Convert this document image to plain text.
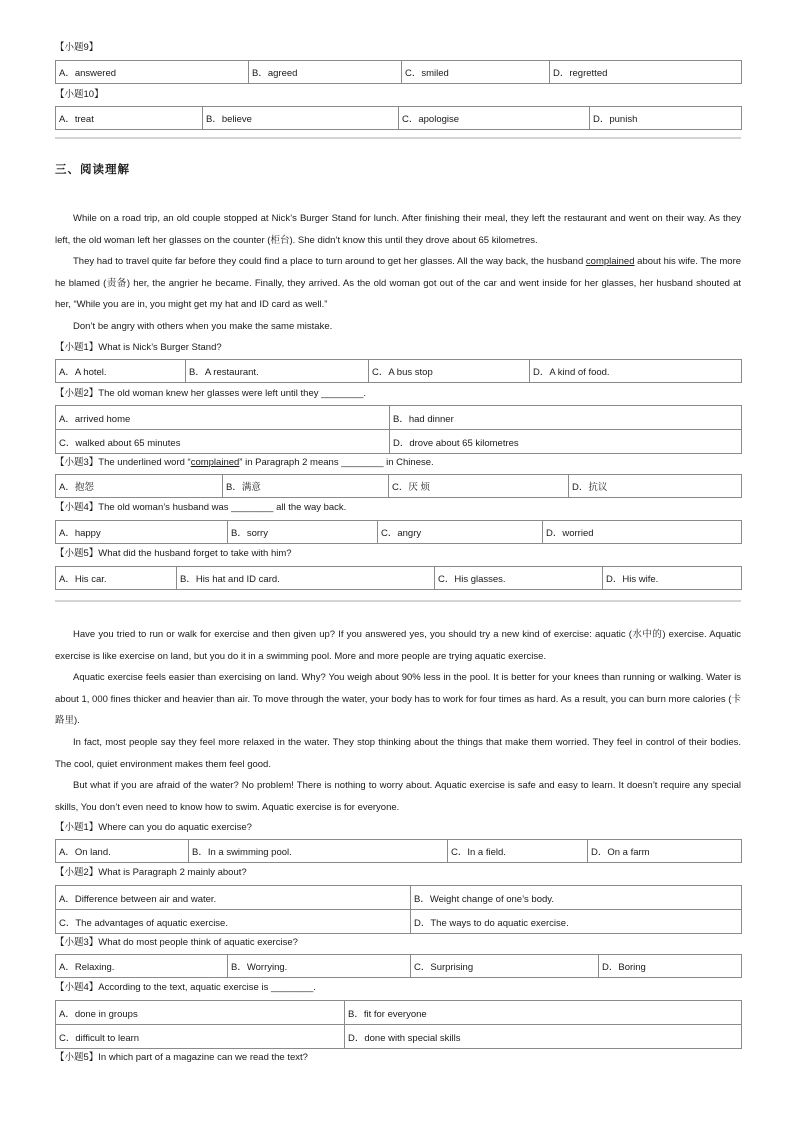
【小题9】
A．answered	B．agreed	C．smiled	D．regretted
【小题10】
A．treat	B．believe	C．apologise	D．punish
三、阅读理解
While on a road trip, an old couple stopped at Nick’s Burger Stand for lunch. After finishing their meal, they left the restaurant and went on their way. As they left, the old woman left her glasses on the counter (柜台). She didn’t know this until they drove about 65 kilometres.
They had to travel quite far before they could find a place to turn around to get her glasses. All the way back, the husband complained about his wife. The more he blamed (责备) her, the angrier he became. Finally, they arrived. As the old woman got out of the car and went inside for her glasses, her husband shouted at her, “While you are in, you might get my hat and ID card as well.”
Don’t be angry with others when you make the same mistake.
【小题1】What is Nick’s Burger Stand?
A．A hotel.	B．A restaurant.	C．A bus stop	D．A kind of food.
【小题2】The old woman knew her glasses were left until they ________.
A．arrived home	B．had dinner
C．walked about 65 minutes	D．drove about 65 kilometres
【小题3】The underlined word “complained” in Paragraph 2 means ________ in Chinese.
A．抱怨	B．满意	C．厌 烦	D．抗议
【小题4】The old woman’s husband was ________ all the way back.
A．happy	B．sorry	C．angry	D．worried
【小题5】What did the husband forget to take with him?
A．His car.	B．His hat and ID card.	C．His glasses.	D．His wife.
Have you tried to run or walk for exercise and then given up? If you answered yes, you should try a new kind of exercise: aquatic (水中的) exercise. Aquatic exercise is like exercise on land, but you do it in a swimming pool. More and more people are trying aquatic exercise.
Aquatic exercise feels easier than exercising on land. Why? You weigh about 90% less in the pool. It is better for your knees than running or walking. Water is about 1, 000 fines thicker and heavier than air. To move through the water, your body has to work for four times as hard. As a result, you can burn more calories (卡路里).
In fact, most people say they feel more relaxed in the water. They stop thinking about the things that make them worried. They feel in control of their bodies. The cool, quiet environment makes them feel good.
But what if you are afraid of the water? No problem! There is nothing to worry about. Aquatic exercise is safe and easy to learn. It doesn’t require any special skills, You don’t even need to know how to swim. Aquatic exercise is for everyone.
【小题1】Where can you do aquatic exercise?
A．On land.	B．In a swimming pool.	C．In a field.	D．On a farm
【小题2】What is Paragraph 2 mainly about?
A．Difference between air and water.	B．Weight change of one’s body.
C．The advantages of aquatic exercise.	D．The ways to do aquatic exercise.
【小题3】What do most people think of aquatic exercise?
A．Relaxing.	B．Worrying.	C．Surprising	D．Boring
【小题4】According to the text, aquatic exercise is ________.
A．done in groups	B．fit for everyone
C．difficult to learn	D．done with special skills
【小题5】In which part of a magazine can we read the text?
